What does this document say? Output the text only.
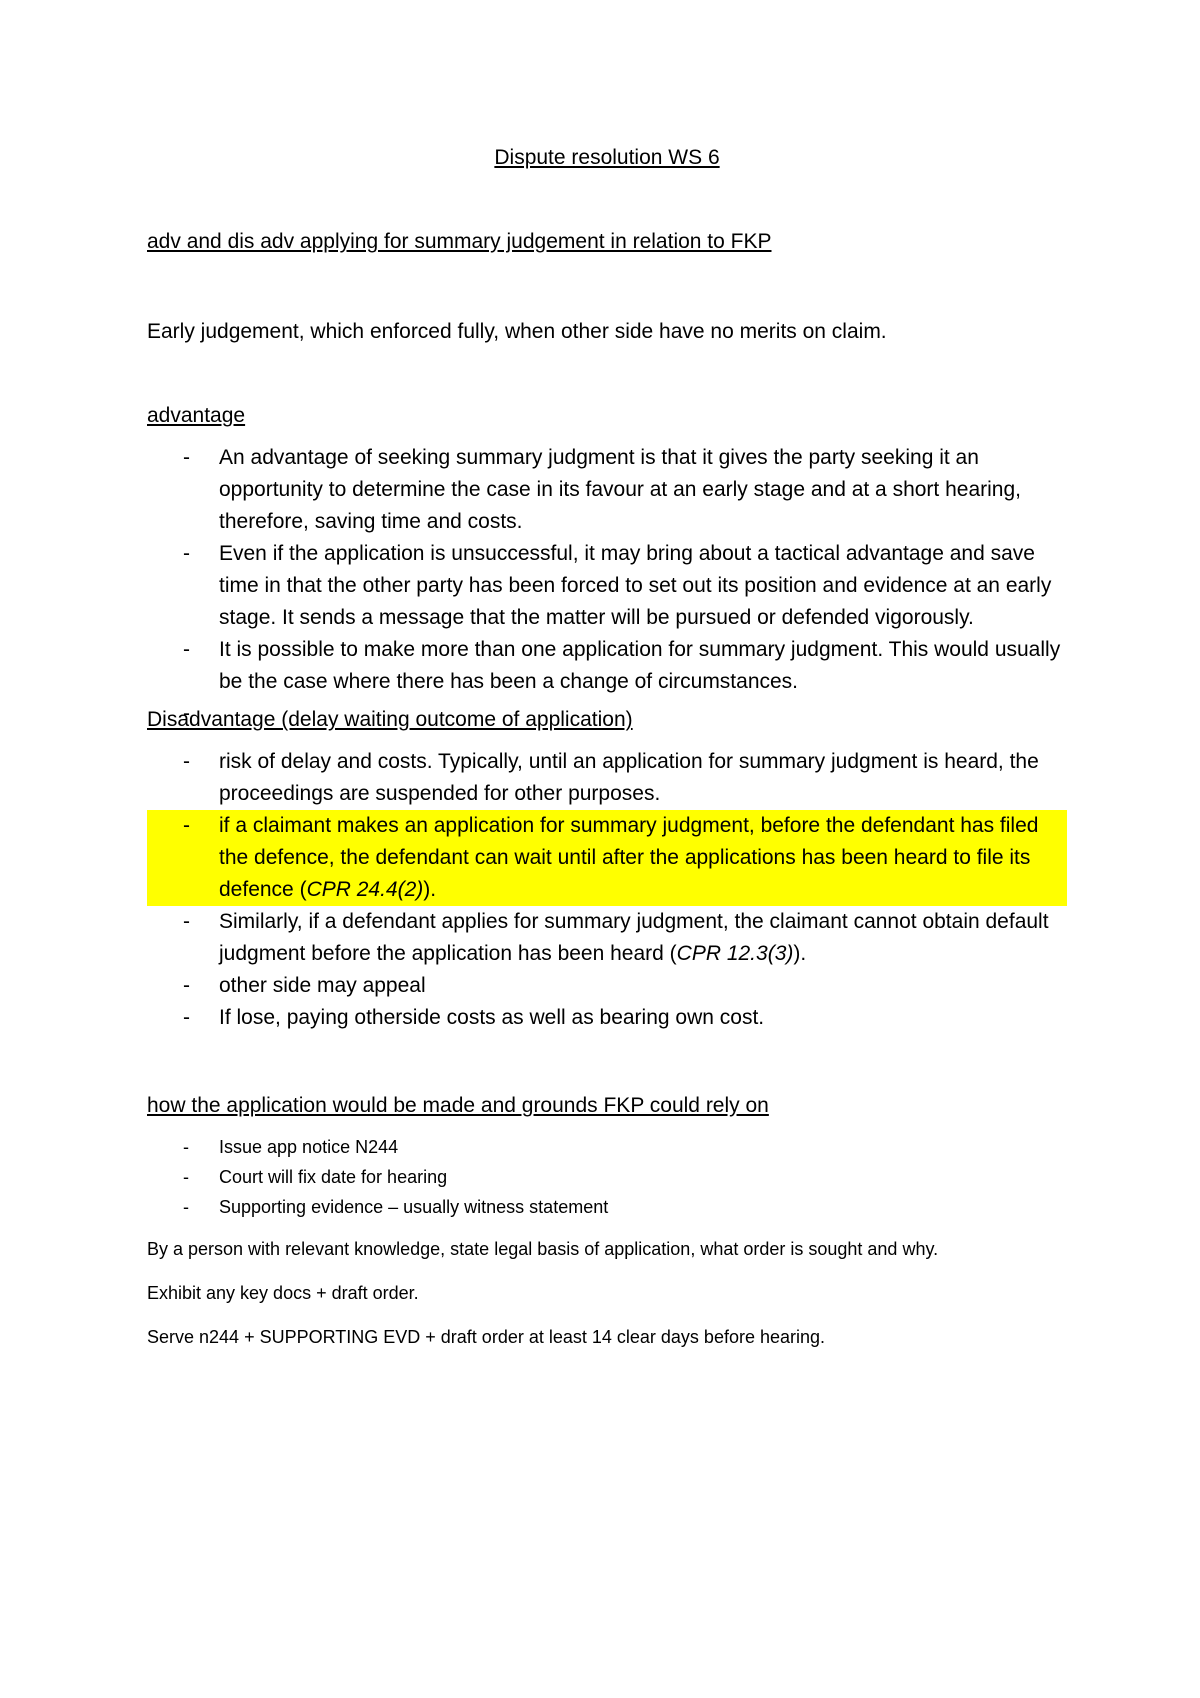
Dispute resolution WS 6

adv and dis adv applying for summary judgement in relation to FKP

Early judgement, which enforced fully, when other side have no merits on claim.

advantage

- An advantage of seeking summary judgment is that it gives the party seeking it an opportunity to determine the case in its favour at an early stage and at a short hearing, therefore, saving time and costs.
- Even if the application is unsuccessful, it may bring about a tactical advantage and save time in that the other party has been forced to set out its position and evidence at an early stage. It sends a message that the matter will be pursued or defended vigorously.
- It is possible to make more than one application for summary judgment. This would usually be the case where there has been a change of circumstances.

Disadvantage (delay waiting outcome of application)

- risk of delay and costs. Typically, until an application for summary judgment is heard, the proceedings are suspended for other purposes.
- if a claimant makes an application for summary judgment, before the defendant has filed the defence, the defendant can wait until after the applications has been heard to file its defence (CPR 24.4(2)).
- Similarly, if a defendant applies for summary judgment, the claimant cannot obtain default judgment before the application has been heard (CPR 12.3(3)).
- other side may appeal
- If lose, paying otherside costs as well as bearing own cost.

how the application would be made and grounds FKP could rely on

- Issue app notice N244
- Court will fix date for hearing
- Supporting evidence – usually witness statement

By a person with relevant knowledge, state legal basis of application, what order is sought and why.

Exhibit any key docs + draft order.

Serve n244 + SUPPORTING EVD + draft order at least 14 clear days before hearing.
